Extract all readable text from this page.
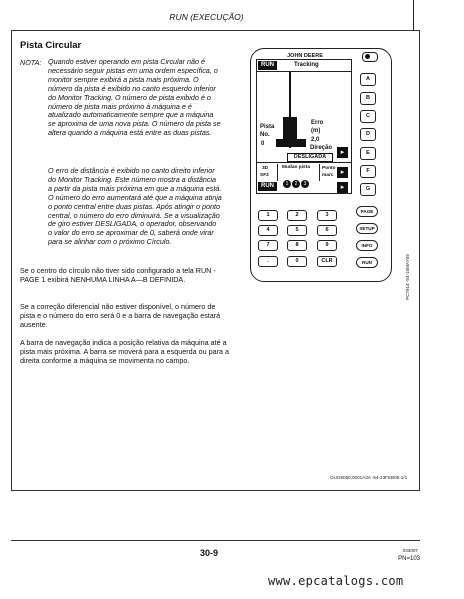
RUN (EXECUÇÃO)
Pista Circular
NOTA: Quando estiver operando em pista Circular não é necessário seguir pistas em uma ordem específica, o monitor sempre exibirá a pista mais próxima. O número da pista é exibido no canto esquerdo inferior do Monitor Tracking. O número de pista exibido é o número de pista mais próximo à máquina e é atualizado automaticamente sempre que a máquina se aproxima de uma nova pista. O número da pista se altera quando a máquina está entre as duas pistas.
O erro de distância é exibido no canto direito inferior do Monitor Tracking. Este número mostra a distância a partir da pista mais próxima em que a máquina está. O número do erro aumentará até que a máquina atinja o ponto central entre duas pistas. Após atingir o ponto central, o número do erro diminuirá. Se a visualização de giro estiver DESLIGADA, o operador, observando o valor do erro se aproximar de 0, saberá onde virar para se alinhar com o próximo Círculo.
Se o centro do círculo não tiver sido configurado a tela RUN - PAGE 1 exibirá NENHUMA LINHA A—B DEFINIDA.
Se a correção diferencial não estiver disponível, o número de pista e o número do erro será 0 e a barra de navegação estará ausente.
A barra de navegação indica a posição relativa da máquina até a pista mais próxima. A barra se moverá para a esquerda ou para a direita conforme a máquina se movimenta no campo.
JOHN DEERE
RUN	Tracking
Pista
No.
0
Erro
(m)
2,0
Direção
DESLIGADA
3D
SF2
Mudan pista
1 2 3
Ponto
marc
RUN
▸
▸
▸
A
B
C
D
E
F
G
1	2	3
4	5	6
7	8	9
.	0	CLR
PAGE
SETUP
INFO
RUN	PC7914 -54-10MAY05
OUO6050,0001A3A -54-23FEB05-1/1
30-9	033007
PN=103
www.epcatalogs.com
